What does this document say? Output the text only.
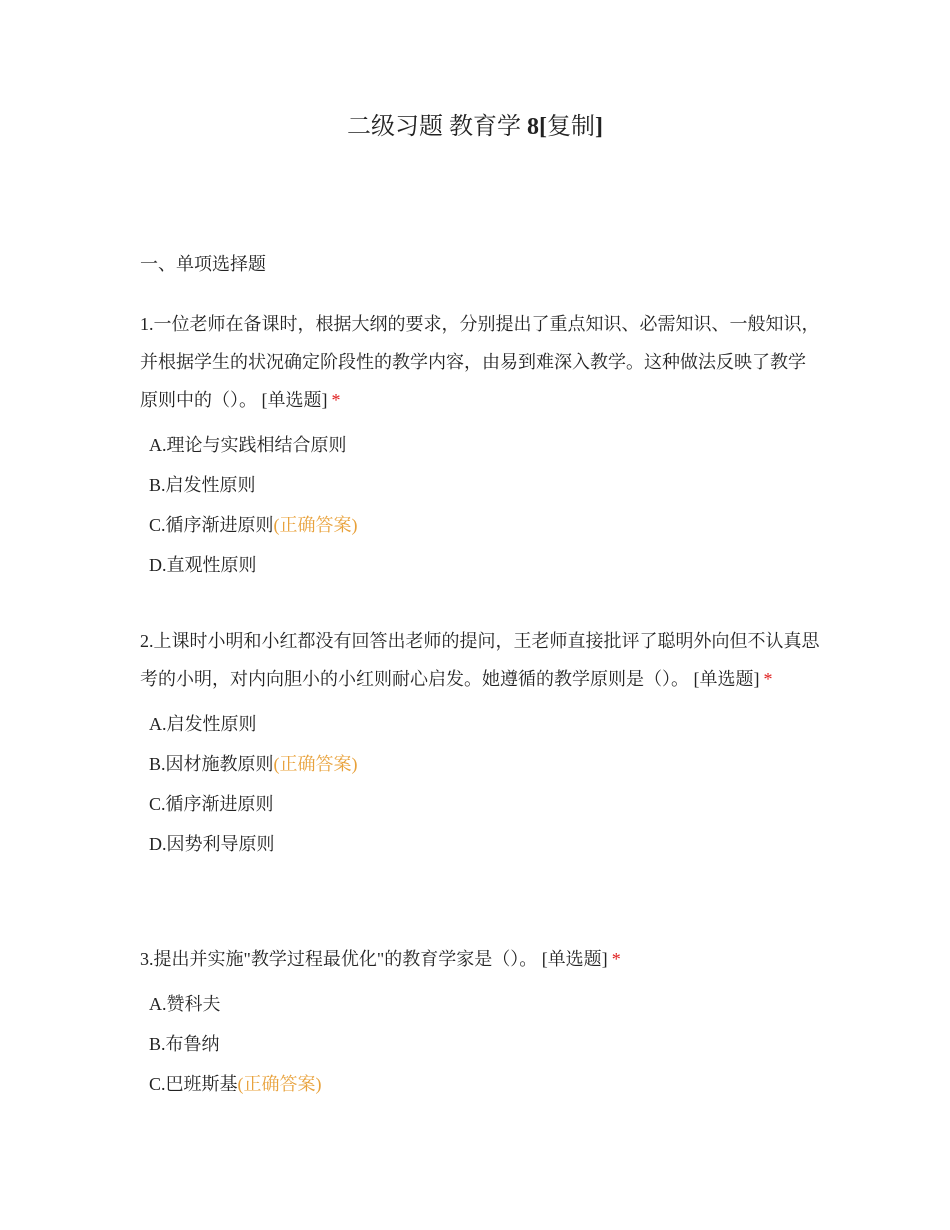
二级习题 教育学 8[复制]
一、单项选择题

1.一位老师在备课时，根据大纲的要求，分别提出了重点知识、必需知识、一般知识，并根据学生的状况确定阶段性的教学内容，由易到难深入教学。这种做法反映了教学原则中的（）。 [单选题] *

A.理论与实践相结合原则
B.启发性原则
C.循序渐进原则(正确答案)
D.直观性原则

2.上课时小明和小红都没有回答出老师的提问，王老师直接批评了聪明外向但不认真思考的小明，对内向胆小的小红则耐心启发。她遵循的教学原则是（）。 [单选题] *

A.启发性原则
B.因材施教原则(正确答案)
C.循序渐进原则
D.因势利导原则

3.提出并实施"教学过程最优化"的教育学家是（）。 [单选题] *

A.赞科夫
B.布鲁纳
C.巴班斯基(正确答案)
